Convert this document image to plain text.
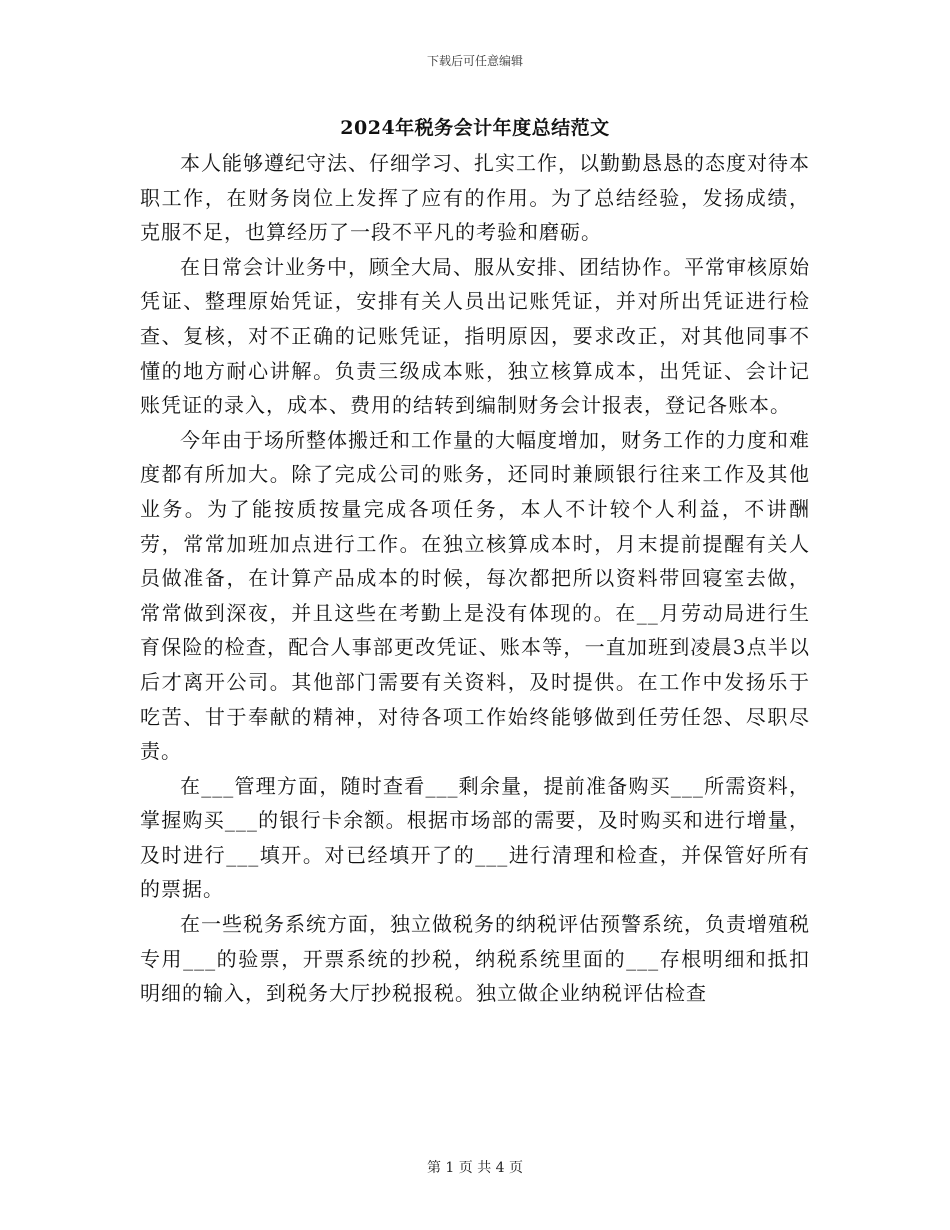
下载后可任意编辑
2024年税务会计年度总结范文

本人能够遵纪守法、仔细学习、扎实工作，以勤勤恳恳的态度对待本职工作，在财务岗位上发挥了应有的作用。为了总结经验，发扬成绩，克服不足，也算经历了一段不平凡的考验和磨砺。

在日常会计业务中，顾全大局、服从安排、团结协作。平常审核原始凭证、整理原始凭证，安排有关人员出记账凭证，并对所出凭证进行检查、复核，对不正确的记账凭证，指明原因，要求改正，对其他同事不懂的地方耐心讲解。负责三级成本账，独立核算成本，出凭证、会计记账凭证的录入，成本、费用的结转到编制财务会计报表，登记各账本。

今年由于场所整体搬迁和工作量的大幅度增加，财务工作的力度和难度都有所加大。除了完成公司的账务，还同时兼顾银行往来工作及其他业务。为了能按质按量完成各项任务，本人不计较个人利益，不讲酬劳，常常加班加点进行工作。在独立核算成本时，月末提前提醒有关人员做准备，在计算产品成本的时候，每次都把所以资料带回寝室去做，常常做到深夜，并且这些在考勤上是没有体现的。在__月劳动局进行生育保险的检查，配合人事部更改凭证、账本等，一直加班到凌晨3点半以后才离开公司。其他部门需要有关资料，及时提供。在工作中发扬乐于吃苦、甘于奉献的精神，对待各项工作始终能够做到任劳任怨、尽职尽责。

在___管理方面，随时查看___剩余量，提前准备购买___所需资料，掌握购买___的银行卡余额。根据市场部的需要，及时购买和进行增量，及时进行___填开。对已经填开了的___进行清理和检查，并保管好所有的票据。

在一些税务系统方面，独立做税务的纳税评估预警系统，负责增殖税专用___的验票，开票系统的抄税，纳税系统里面的___存根明细和抵扣明细的输入，到税务大厅抄税报税。独立做企业纳税评估检查

第 1 页 共 4 页
